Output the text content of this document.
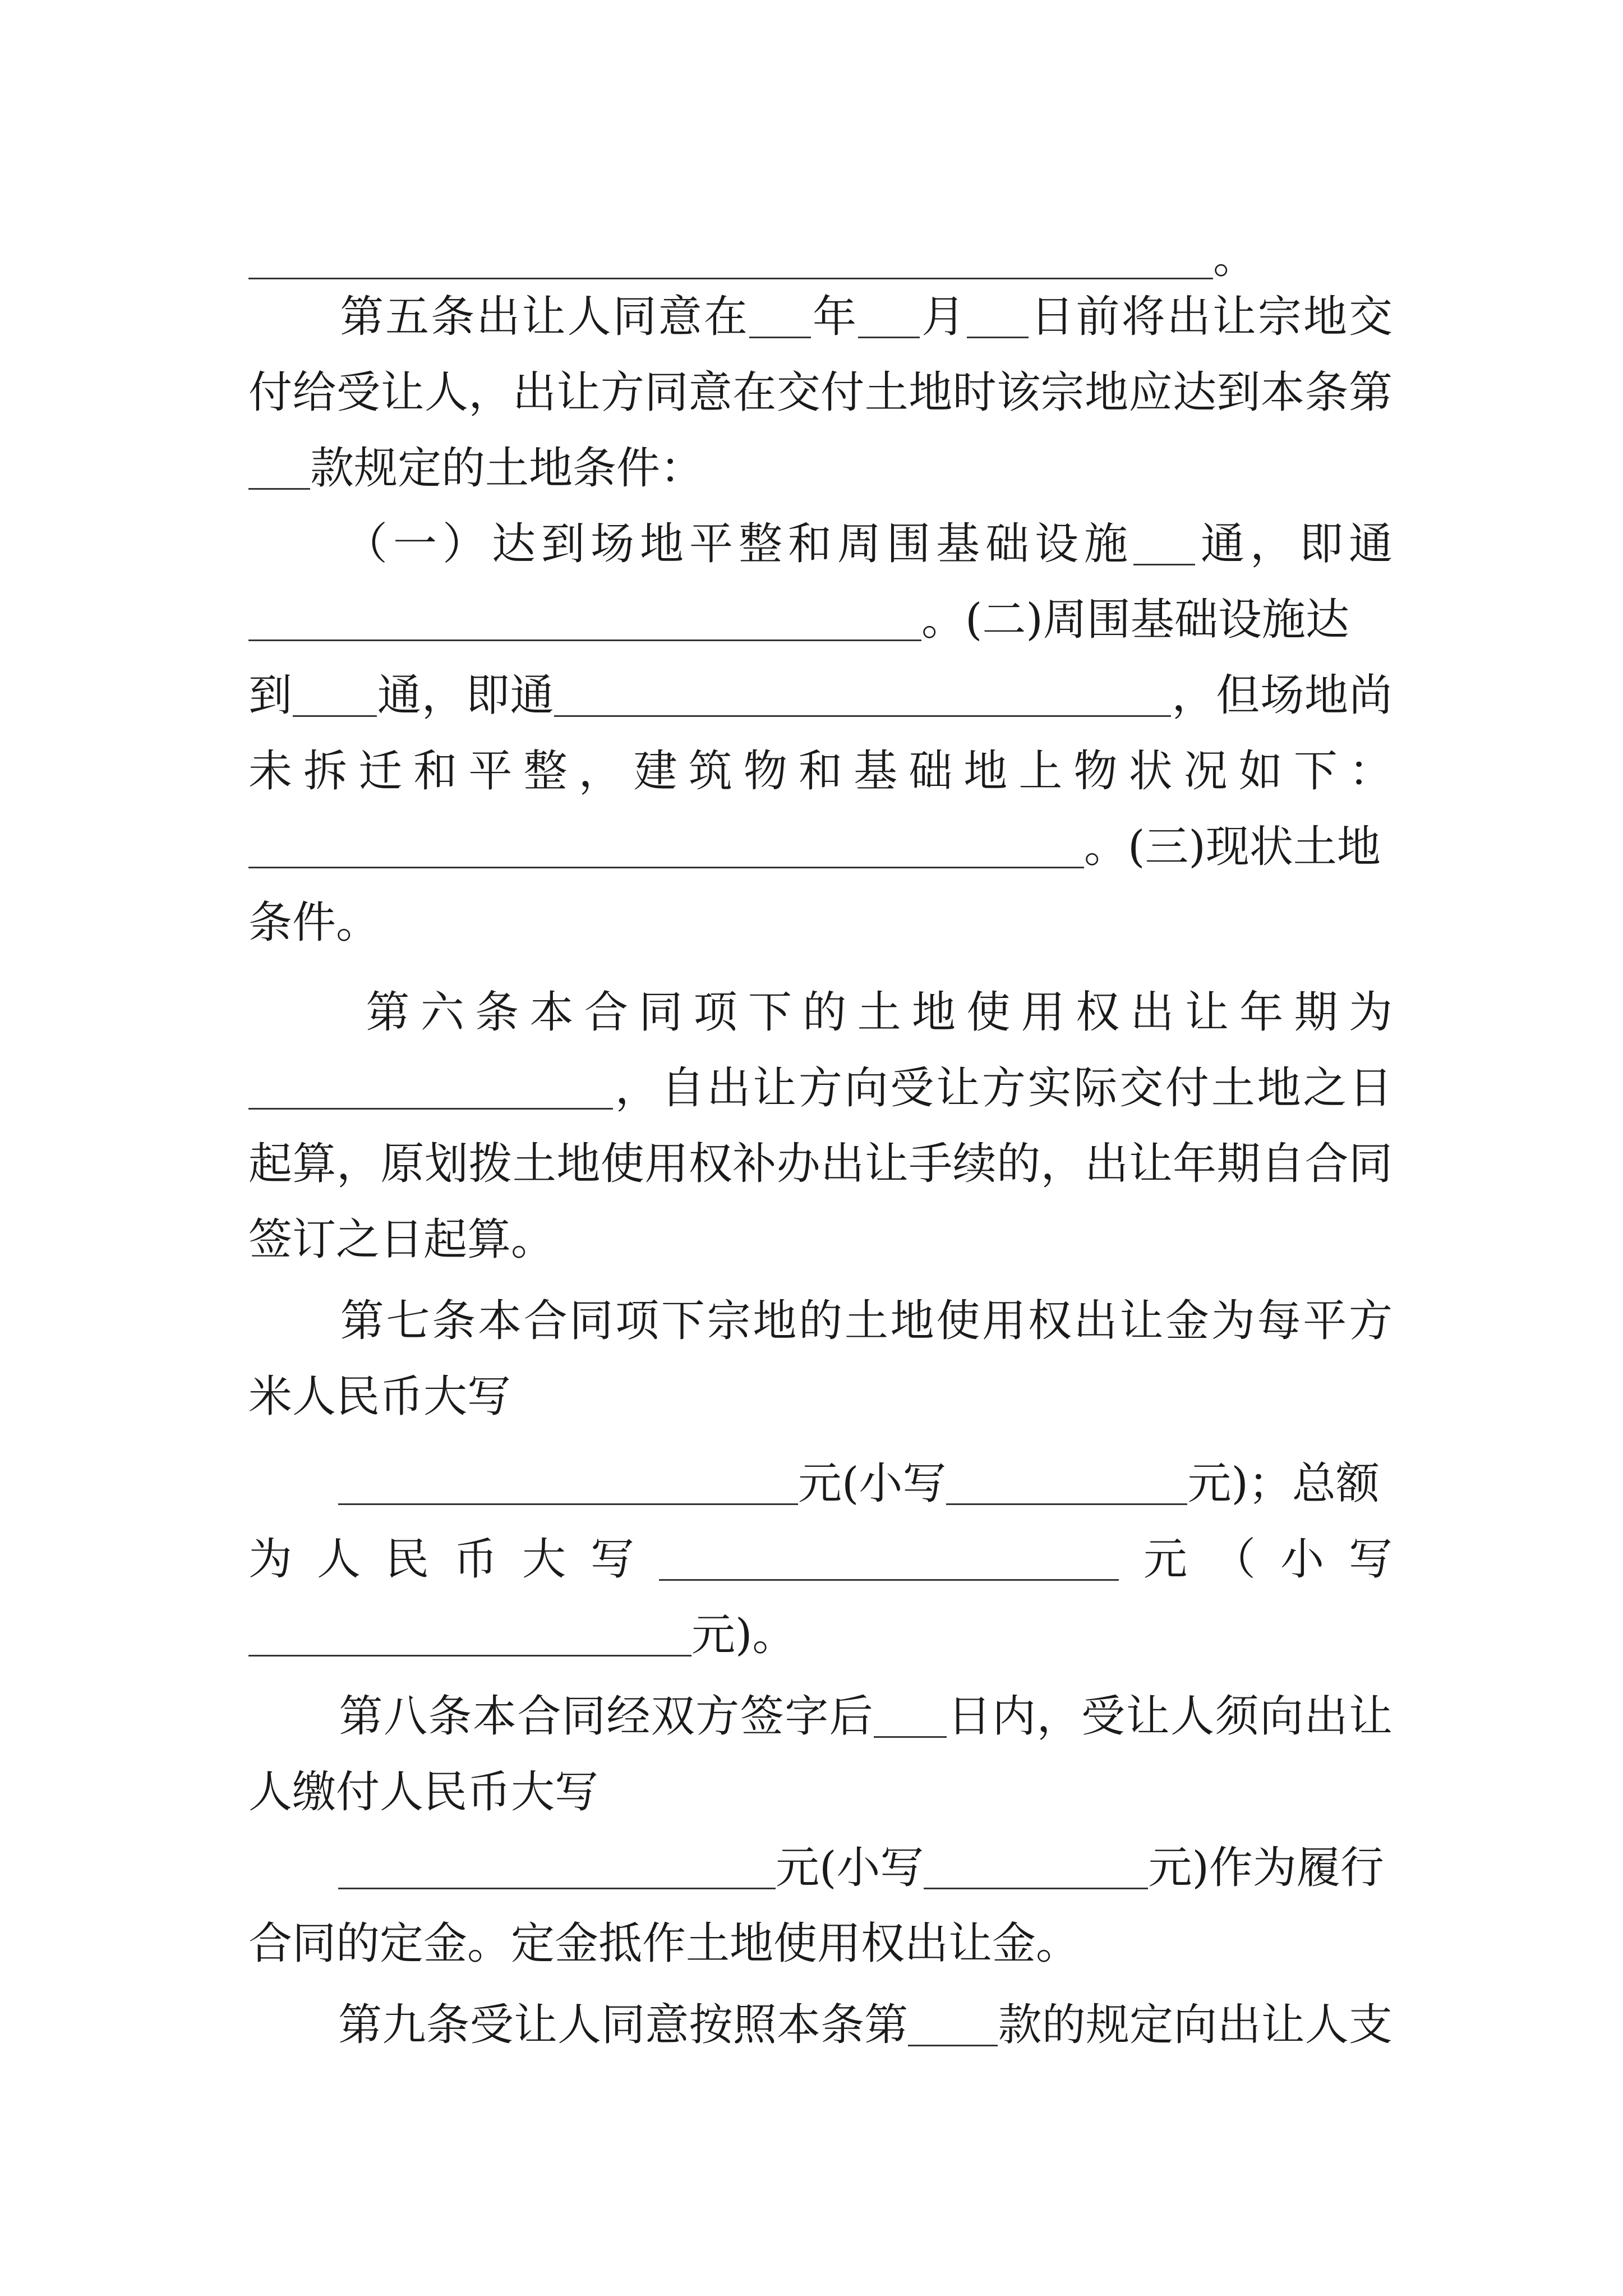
。
第五条出让人同意在 年 月 日前将出让宗地交
付给受让人，出让方同意在交付土地时该宗地应达到本条第
款规定的土地条件：
（一）达到场地平整和周围基础设施 通，即通
。(二)周围基础设施达
到 通，即通	，但场地尚
未拆迁和平整，建筑物和基础地上物状况如下：
。(三)现状土地
条件。
第六条本合同项下的土地使用权出让年期为
，自出让方向受让方实际交付土地之日
起算，原划拨土地使用权补办出让手续的，出让年期自合同
签订之日起算。
第七条本合同项下宗地的土地使用权出让金为每平方
米人民币大写
元(小写	元)；总额
为人民币大写	元（小写
元)。
第八条本合同经双方签字后 日内，受让人须向出让
人缴付人民币大写
元(小写	元)作为履行
合同的定金。定金抵作土地使用权出让金。
第九条受让人同意按照本条第 款的规定向出让人支
